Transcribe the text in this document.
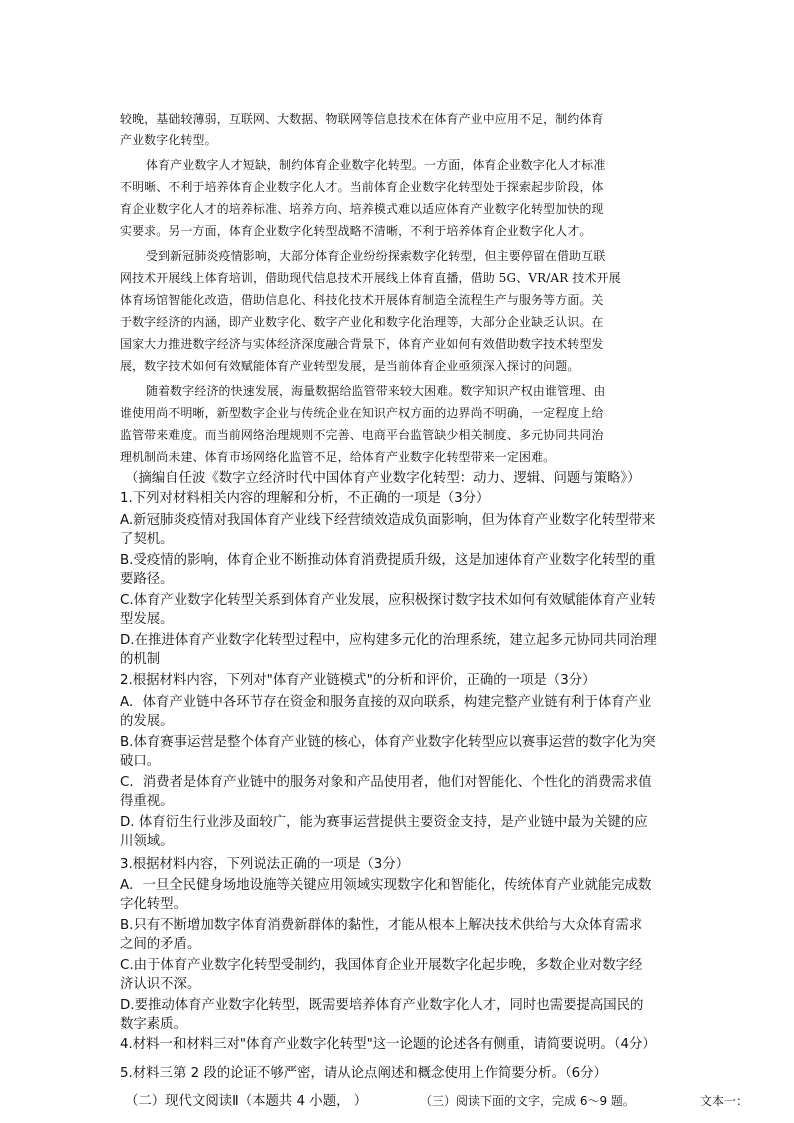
较晚，基础较薄弱，互联网、大数据、物联网等信息技术在体育产业中应用不足，制约体育
产业数字化转型。
体育产业数字人才短缺，制约体育企业数字化转型。一方面，体育企业数字化人才标准
不明晰、不利于培养体育企业数字化人才。当前体育企业数字化转型处于探索起步阶段，体
育企业数字化人才的培养标准、培养方向、培养模式难以适应体育产业数字化转型加快的现
实要求。另一方面，体育企业数字化转型战略不清晰，不利于培养体育企业数字化人才。
受到新冠肺炎疫情影响，大部分体育企业纷纷探索数字化转型，但主要停留在借助互联
网技术开展线上体育培训，借助现代信息技术开展线上体育直播，借助 5G、VR/AR 技术开展
体育场馆智能化改造，借助信息化、科技化技术开展体育制造全流程生产与服务等方面。关
于数字经济的内涵，即产业数字化、数字产业化和数字化治理等，大部分企业缺乏认识。在
国家大力推进数字经济与实体经济深度融合背景下，体育产业如何有效借助数字技术转型发
展，数字技术如何有效赋能体育产业转型发展，是当前体育企业亟须深入探讨的问题。
随着数字经济的快速发展，海量数据给监管带来较大困难。数字知识产权由谁管理、由
谁使用尚不明晰，新型数字企业与传统企业在知识产权方面的边界尚不明确，一定程度上给
监管带来难度。而当前网络治理规则不完善、电商平台监管缺少相关制度、多元协同共同治
理机制尚未建、体育市场网络化监管不足，给体育产业数字化转型带来一定困难。
（摘编自任波《数字立经济时代中国体育产业数字化转型：动力、逻辑、问题与策略》）
1.下列对材料相关内容的理解和分析，不正确的一项是（3分）
A.新冠肺炎疫情对我国体育产业线下经营绩效造成负面影响，但为体育产业数字化转型带来
了契机。
B.受疫情的影响，体育企业不断推动体育消费提质升级，这是加速体育产业数字化转型的重
要路径。
C.体育产业数字化转型关系到体育产业发展，应积极探讨数字技术如何有效赋能体育产业转
型发展。
D.在推进体育产业数字化转型过程中，应构建多元化的治理系统，建立起多元协同共同治理
的机制
2.根据材料内容，下列对"体育产业链模式"的分析和评价，正确的一项是（3分）
A．体育产业链中各环节存在资金和服务直接的双向联系，构建完整产业链有利于体育产业
的发展。
B.体育赛事运营是整个体育产业链的核心，体育产业数字化转型应以赛事运营的数字化为突
破口。
C．消费者是体育产业链中的服务对象和产品使用者，他们对智能化、个性化的消费需求值
得重视。
D. 体育衍生行业涉及面较广，能为赛事运营提供主要资金支持，是产业链中最为关键的应
川领域。
3.根据材料内容，下列说法正确的一项是（3分）
A．一旦全民健身场地设施等关键应用领域实现数字化和智能化，传统体育产业就能完成数
字化转型。
B.只有不断增加数字体育消费新群体的黏性，才能从根本上解决技术供给与大众体育需求
之间的矛盾。
C.由于体育产业数字化转型受制约，我国体育企业开展数字化起步晚，多数企业对数字经
济认识不深。
D.要推动体育产业数字化转型，既需要培养体育产业数字化人才，同时也需要提高国民的
数字素质。
4.材料一和材料三对"体育产业数字化转型"这一论题的论述各有侧重，请简要说明。（4分）
5.材料三第 2 段的论证不够严密，请从论点阐述和概念使用上作简要分析。（6分）
（二）现代文阅读Ⅱ（本题共 4 小题， ）	（三）阅读下面的文字，完成 6～9 题。	文本一：
